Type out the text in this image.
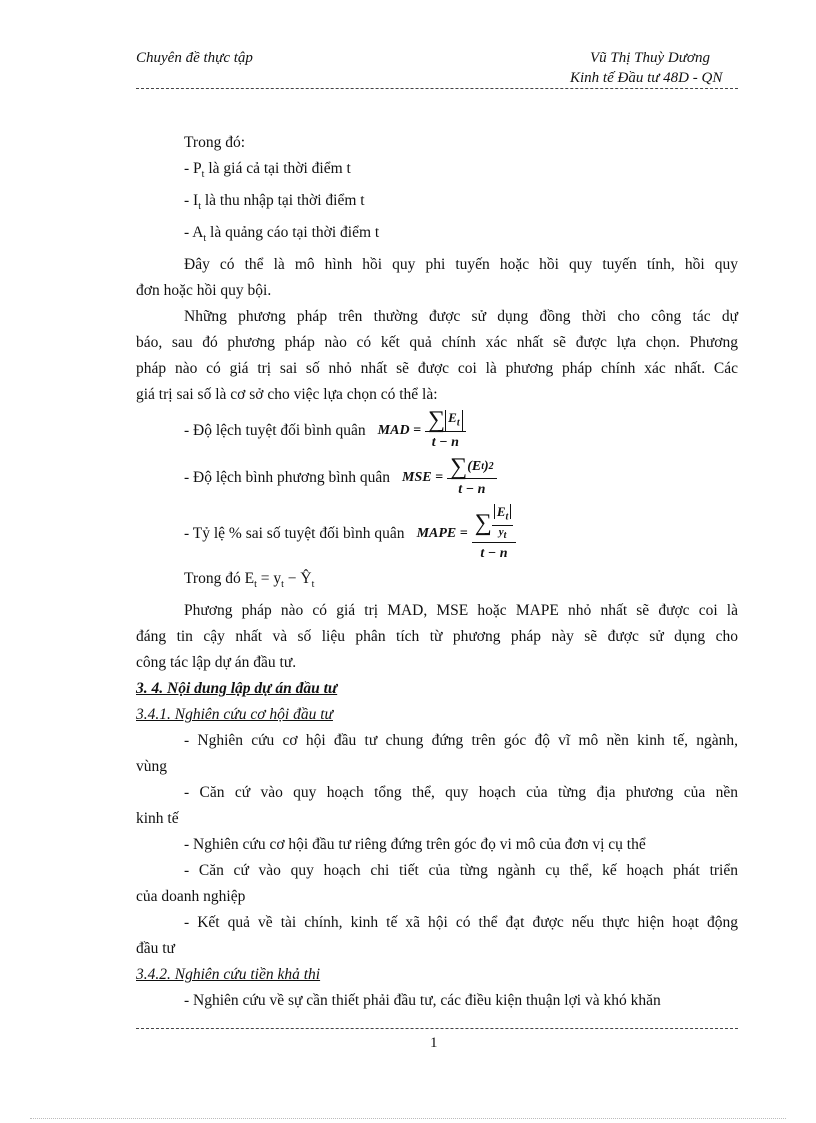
Chuyên đề thực tập	Vũ Thị Thuỳ Dương
Kinh tế Đầu tư 48D - QN

Trong đó:

- $P_t$ là giá cả tại thời điểm t

- $I_t$ là thu nhập tại thời điểm t

- $A_t$ là quảng cáo tại thời điểm t

Đây có thể là mô hình hồi quy phi tuyến hoặc hồi quy tuyến tính, hồi quy

đơn hoặc hồi quy bội.

Những phương pháp trên thường được sử dụng đồng thời cho công tác dự

báo, sau đó phương pháp nào có kết quả chính xác nhất sẽ được lựa chọn. Phương

pháp nào có giá trị sai số nhỏ nhất sẽ được coi là phương pháp chính xác nhất. Các

giá trị sai số là cơ sở cho việc lựa chọn có thể là:

- Độ lệch tuyệt đối bình quân MAD
= $\frac{\sum E_t}{t - n}$
- Độ lệch bình phương bình quân MSE
= $\frac{\text{∑ ( E t ) 2}}{t - n}$
- Tỷ lệ % sai số tuyệt đối bình quân MAPE
= ∑ $E_t$
$y_t$
t − n

Trong đó $E_t = y_t$ − $Ŷ_t$

Phương pháp nào có giá trị MAD, MSE hoặc MAPE nhỏ nhất sẽ được coi là

đáng tin cậy nhất và số liệu phân tích từ phương pháp này sẽ được sử dụng cho

công tác lập dự án đầu tư.

3. 4. Nội dung lập dự án đầu tư

3.4.1. Nghiên cứu cơ hội đầu tư

- Nghiên cứu cơ hội đầu tư chung đứng trên góc độ vĩ mô nền kinh tế, ngành,

vùng

- Căn cứ vào quy hoạch tổng thể, quy hoạch của từng địa phương của nền

kinh tế

- Nghiên cứu cơ hội đầu tư riêng đứng trên góc đọ vi mô của đơn vị cụ thể

- Căn cứ vào quy hoạch chi tiết của từng ngành cụ thể, kế hoạch phát triển

của doanh nghiệp

- Kết quả về tài chính, kinh tế xã hội có thể đạt được nếu thực hiện hoạt động

đầu tư

3.4.2. Nghiên cứu tiền khả thi

- Nghiên cứu về sự cần thiết phải đầu tư, các điều kiện thuận lợi và khó khăn

1
